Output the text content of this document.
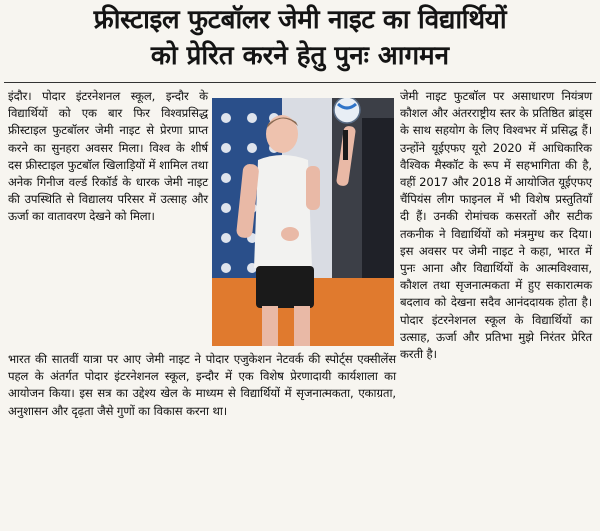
फ्रीस्टाइल फुटबॉलर जेमी नाइट का विद्यार्थियों
को प्रेरित करने हेतु पुनः आगमन

इंदौर। पोदार इंटरनेशनल स्कूल, इन्दौर के विद्यार्थियों को एक बार फिर विश्वप्रसिद्ध फ्रीस्टाइल फुटबॉलर जेमी नाइट से प्रेरणा प्राप्त करने का सुनहरा अवसर मिला। विश्व के शीर्ष दस फ्रीस्टाइल फुटबॉल खिलाड़ियों में शामिल तथा अनेक गिनीज वर्ल्ड रिकॉर्ड के धारक जेमी नाइट की उपस्थिति से विद्यालय परिसर में उत्साह और ऊर्जा का वातावरण देखने को मिला।

जेमी नाइट फुटबॉल पर असाधारण नियंत्रण कौशल और अंतरराष्ट्रीय स्तर के प्रतिष्ठित ब्रांड्स के साथ सहयोग के लिए विश्वभर में प्रसिद्ध हैं। उन्होंने यूईएफए यूरो 2020 में आधिकारिक वैश्विक मैस्कॉट के रूप में सहभागिता की है, वहीं 2017 और 2018 में आयोजित यूईएफए चैंपियंस लीग फाइनल में भी विशेष प्रस्तुतियाँ दी हैं। उनकी रोमांचक कसरतों और सटीक तकनीक ने विद्यार्थियों को मंत्रमुग्ध कर दिया। इस अवसर पर जेमी नाइट ने कहा, भारत में पुनः आना और विद्यार्थियों के आत्मविश्वास, कौशल तथा सृजनात्मकता में हुए सकारात्मक बदलाव को देखना सदैव आनंददायक होता है। पोदार इंटरनेशनल स्कूल के विद्यार्थियों का उत्साह, ऊर्जा और प्रतिभा मुझे निरंतर प्रेरित करती है।

भारत की सातवीं यात्रा पर आए जेमी नाइट ने पोदार एजुकेशन नेटवर्क की स्पोर्ट्स एक्सीलेंस पहल के अंतर्गत पोदार इंटरनेशनल स्कूल, इन्दौर में एक विशेष प्रेरणादायी कार्यशाला का आयोजन किया। इस सत्र का उद्देश्य खेल के माध्यम से विद्यार्थियों में सृजनात्मकता, एकाग्रता, अनुशासन और दृढ़ता जैसे गुणों का विकास करना था।
